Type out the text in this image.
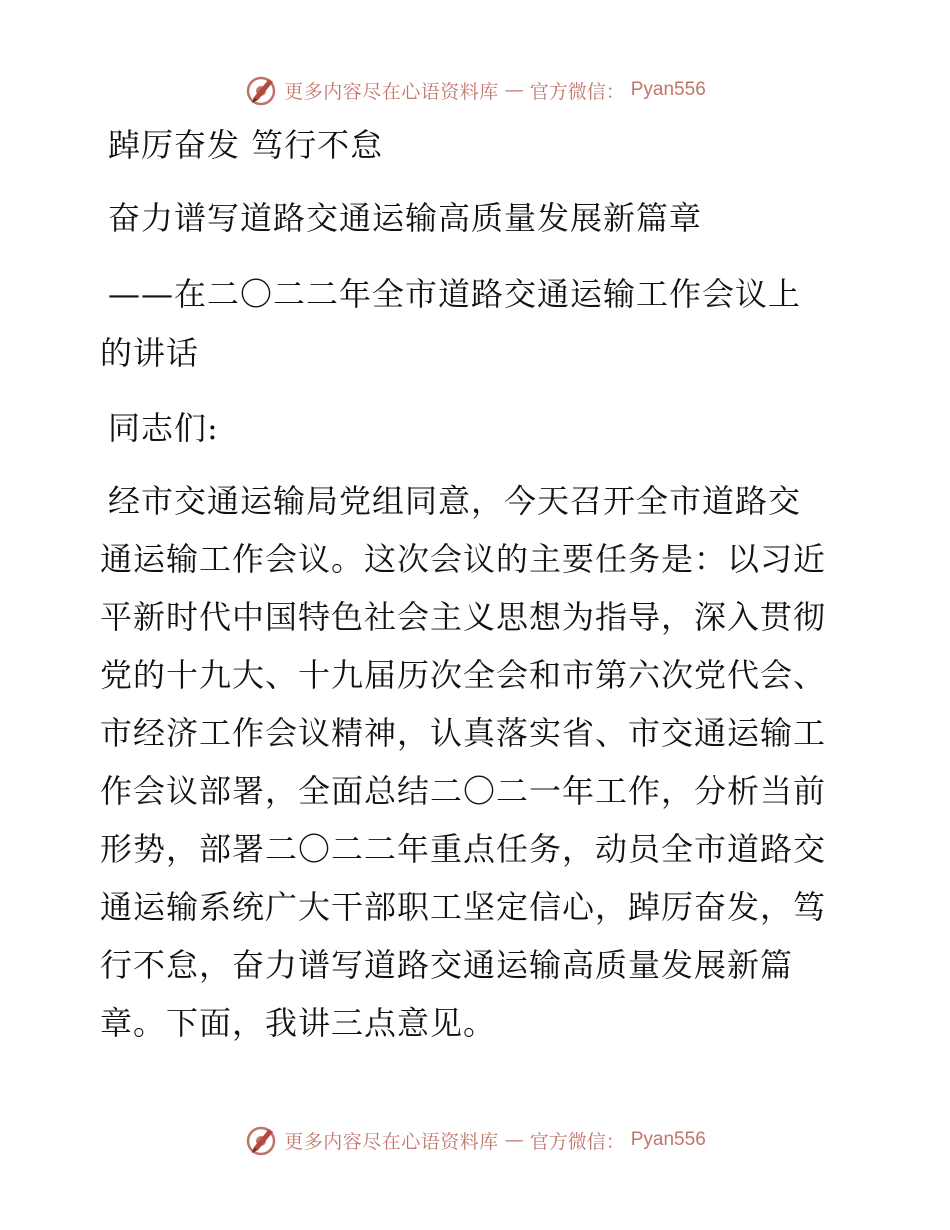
更多内容尽在心语资料库 — 官方微信： Pyan556
踔厉奋发 笃行不怠
奋力谱写道路交通运输高质量发展新篇章
——在二〇二二年全市道路交通运输工作会议上
的讲话
同志们:
经市交通运输局党组同意，今天召开全市道路交
通运输工作会议。这次会议的主要任务是：以习近
平新时代中国特色社会主义思想为指导，深入贯彻
党的十九大、十九届历次全会和市第六次党代会、
市经济工作会议精神，认真落实省、市交通运输工
作会议部署，全面总结二〇二一年工作，分析当前
形势，部署二〇二二年重点任务，动员全市道路交
通运输系统广大干部职工坚定信心，踔厉奋发，笃
行不怠，奋力谱写道路交通运输高质量发展新篇
章。下面，我讲三点意见。
更多内容尽在心语资料库 — 官方微信： Pyan556
